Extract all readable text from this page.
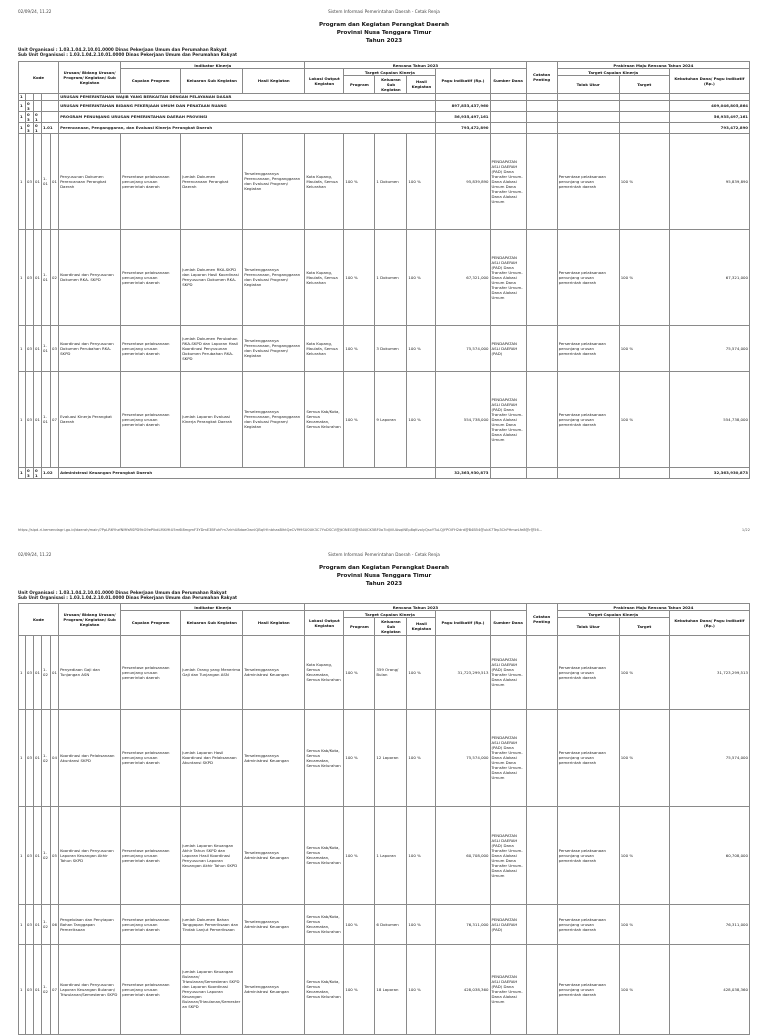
02/09/24, 11.22	Sistem Informasi Pemerintahan Daerah - Cetak Renja
Program dan Kegiatan Perangkat Daerah
Provinsi Nusa Tenggara Timur
Tahun 2023
Unit Organisasi : 1.03.1.04.2.10.01.0000 Dinas Pekerjaan Umum dan Perumahan Rakyat
Sub Unit Organisasi : 1.03.1.04.2.10.01.0000 Dinas Pekerjaan Umum dan Perumahan Rakyat
Kode					Urusan/ Bidang Urusan/ Program/ Kegiatan/ Sub Kegiatan	Indikator Kinerja			Rencana Tahun 2023						Catatan Penting	Prakiraan Maju Rencana Tahun 2024		
						Capaian Program	Keluaran Sub Kegiatan	Hasil Kegiatan	Lokasi Output Kegiatan	Target Capaian Kinerja			Pagu Indikatif (Rp.)	Sumber Dana		Target Capaian Kinerja		Kebutuhan Dana/ Pagu Indikatif (Rp.)
										Program	Keluaran Sub Kegiatan	Hasil Kegiatan				Tolok Ukur	Target	
1					URUSAN PEMERINTAHAN WAJIB YANG BERKAITAN DENGAN PELAYANAN DASAR													
1	03				URUSAN PEMERINTAHAN BIDANG PEKERJAAN UMUM DAN PENATAAN RUANG								897,853,437,960					409,046,805,864
1	03	01			PROGRAM PENUNJANG URUSAN PEMERINTAHAN DAERAH PROVINSI								56,935,497,161					56,935,497,161
1	03	01	1.01		Perencanaan, Penganggaran, dan Evaluasi Kinerja Perangkat Daerah								793,472,890					793,472,890
1	03	01	1.01	01	Penyusunan Dokumen Perencanaan Perangkat Daerah	Persentase pelaksanaan penunjang urusan pemerintah daerah	Jumlah Dokumen Perencanaan Perangkat Daerah	Terselenggaranya Perencanaan, Penganggaran dan Evaluasi Program/ Kegiatan	Kota Kupang, Maulafa, Semua Kelurahan	100 %	1 Dokumen	100 %	95,839,890	PENDAPATAN ASLI DAERAH (PAD) Dana Transfer Umum-Dana Alokasi Umum Dana Transfer Umum-Dana Alokasi Umum		Persentase pelaksanaan penunjang urusan pemerintah daerah	100 %	95,839,890
1	03	01	1.01	02	Koordinasi dan Penyusunan Dokumen RKA- SKPD	Persentase pelaksanaan penunjang urusan pemerintah daerah	Jumlah Dokumen RKA-SKPD dan Laporan Hasil Koordinasi Penyusunan Dokumen RKA-SKPD	Terselenggaranya Perencanaan, Penganggaran dan Evaluasi Program/ Kegiatan	Kota Kupang, Maulafa, Semua Kelurahan	100 %	1 Dokumen	100 %	67,321,000	PENDAPATAN ASLI DAERAH (PAD) Dana Transfer Umum-Dana Alokasi Umum Dana Transfer Umum-Dana Alokasi Umum		Persentase pelaksanaan penunjang urusan pemerintah daerah	100 %	67,321,000
1	03	01	1.01	03	Koordinasi dan Penyusunan Dokumen Perubahan RKA-SKPD	Persentase pelaksanaan penunjang urusan pemerintah daerah	Jumlah Dokumen Perubahan RKA-SKPD dan Laporan Hasil Koordinasi Penyusunan Dokumen Perubahan RKA-SKPD	Terselenggaranya Perencanaan, Penganggaran dan Evaluasi Program/ Kegiatan	Kota Kupang, Maulafa, Semua Kelurahan	100 %	3 Dokumen	100 %	75,574,000	PENDAPATAN ASLI DAERAH (PAD)		Persentase pelaksanaan penunjang urusan pemerintah daerah	100 %	75,574,000
1	03	01	1.01	07	Evaluasi Kinerja Perangkat Daerah	Persentase pelaksanaan penunjang urusan pemerintah daerah	Jumlah Laporan Evaluasi Kinerja Perangkat Daerah	Terselenggaranya Perencanaan, Penganggaran dan Evaluasi Program/ Kegiatan	Semua Kab/Kota, Semua Kecamatan, Semua Kelurahan	100 %	9 Laporan	100 %	554,738,000	PENDAPATAN ASLI DAERAH (PAD) Dana Transfer Umum-Dana Alokasi Umum Dana Transfer Umum-Dana Alokasi Umum		Persentase pelaksanaan penunjang urusan pemerintah daerah	100 %	554,738,000
1	03	01	1.02		Administrasi Keuangan Perangkat Daerah								32,363,930,873					32,363,930,873
https://sipd-ri.kemendagri.go.id/daerah/main/?PpLR6YhzfNMfsRSPD9kG9ePlkdLMXi9tU5m6I8mgmF3YDmE3BFuhFm7zlrhU8daeOwnlQBq!H!nbhasBlhtQeCVf99SU0UK3C7YxDSCV@jtONEG0@XN4iCK5BF0a7IdjViUAsqiNEp8qKvolyQsxYTuLQjYPOiFH2drd@B4B54@ubX7Tep3ChPHmwLfe8@r@56...	1/22
02/09/24, 11.22	Sistem Informasi Pemerintahan Daerah - Cetak Renja
Program dan Kegiatan Perangkat Daerah
Provinsi Nusa Tenggara Timur
Tahun 2023
Unit Organisasi : 1.03.1.04.2.10.01.0000 Dinas Pekerjaan Umum dan Perumahan Rakyat
Sub Unit Organisasi : 1.03.1.04.2.10.01.0000 Dinas Pekerjaan Umum dan Perumahan Rakyat
Kode					Urusan/ Bidang Urusan/ Program/ Kegiatan/ Sub Kegiatan	Indikator Kinerja			Rencana Tahun 2023						Catatan Penting	Prakiraan Maju Rencana Tahun 2024		
						Capaian Program	Keluaran Sub Kegiatan	Hasil Kegiatan	Lokasi Output Kegiatan	Target Capaian Kinerja			Pagu Indikatif (Rp.)	Sumber Dana		Target Capaian Kinerja		Kebutuhan Dana/ Pagu Indikatif (Rp.)
										Program	Keluaran Sub Kegiatan	Hasil Kegiatan				Tolok Ukur	Target	
1	03	01	1.02	01	Penyediaan Gaji dan Tunjangan ASN	Persentase pelaksanaan penunjang urusan pemerintah daerah	Jumlah Orang yang Menerima Gaji dan Tunjangan ASN	Terselenggaranya Administrasi Keuangan	Kota Kupang, Semua Kecamatan, Semua Kelurahan	100 %	359 Orang/ Bulan	100 %	31,723,299,513	PENDAPATAN ASLI DAERAH (PAD) Dana Transfer Umum-Dana Alokasi Umum		Persentase pelaksanaan penunjang urusan pemerintah daerah	100 %	31,723,299,513
1	03	01	1.02	04	Koordinasi dan Pelaksanaan Akuntansi SKPD	Persentase pelaksanaan penunjang urusan pemerintah daerah	Jumlah Laporan Hasil Koordinasi dan Pelaksanaan Akuntansi SKPD	Terselenggaranya Administrasi Keuangan	Semua Kab/Kota, Semua Kecamatan, Semua Kelurahan	100 %	12 Laporan	100 %	75,574,000	PENDAPATAN ASLI DAERAH (PAD) Dana Transfer Umum-Dana Alokasi Umum Dana Transfer Umum-Dana Alokasi Umum		Persentase pelaksanaan penunjang urusan pemerintah daerah	100 %	75,574,000
1	03	01	1.02	05	Koordinasi dan Penyusunan Laporan Keuangan Akhir Tahun SKPD	Persentase pelaksanaan penunjang urusan pemerintah daerah	Jumlah Laporan Keuangan Akhir Tahun SKPD dan Laporan Hasil Koordinasi Penyusunan Laporan Keuangan Akhir Tahun SKPD	Terselenggaranya Administrasi Keuangan	Semua Kab/Kota, Semua Kecamatan, Semua Kelurahan	100 %	1 Laporan	100 %	60,708,000	PENDAPATAN ASLI DAERAH (PAD) Dana Transfer Umum-Dana Alokasi Umum Dana Transfer Umum-Dana Alokasi Umum		Persentase pelaksanaan penunjang urusan pemerintah daerah	100 %	60,708,000
1	03	01	1.02	06	Pengelolaan dan Penyiapan Bahan Tanggapan Pemeriksaan	Persentase pelaksanaan penunjang urusan pemerintah daerah	Jumlah Dokumen Bahan Tanggapan Pemeriksaan dan Tindak Lanjut Pemeriksaan	Terselenggaranya Administrasi Keuangan	Semua Kab/Kota, Semua Kecamatan, Semua Kelurahan	100 %	6 Dokumen	100 %	76,311,000	PENDAPATAN ASLI DAERAH (PAD)		Persentase pelaksanaan penunjang urusan pemerintah daerah	100 %	76,311,000
1	03	01	1.02	07	Koordinasi dan Penyusunan Laporan Keuangan Bulanan/ Triwulanan/Semesteran SKPD	Persentase pelaksanaan penunjang urusan pemerintah daerah	Jumlah Laporan Keuangan Bulanan/ Triwulanan/Semesteran SKPD dan Laporan Koordinasi Penyusunan Laporan Keuangan Bulanan/Triwulanan/Semesteran SKPD	Terselenggaranya Administrasi Keuangan	Semua Kab/Kota, Semua Kecamatan, Semua Kelurahan	100 %	18 Laporan	100 %	428,038,360	PENDAPATAN ASLI DAERAH (PAD) Dana Transfer Umum-Dana Alokasi Umum		Persentase pelaksanaan penunjang urusan pemerintah daerah	100 %	428,038,360
